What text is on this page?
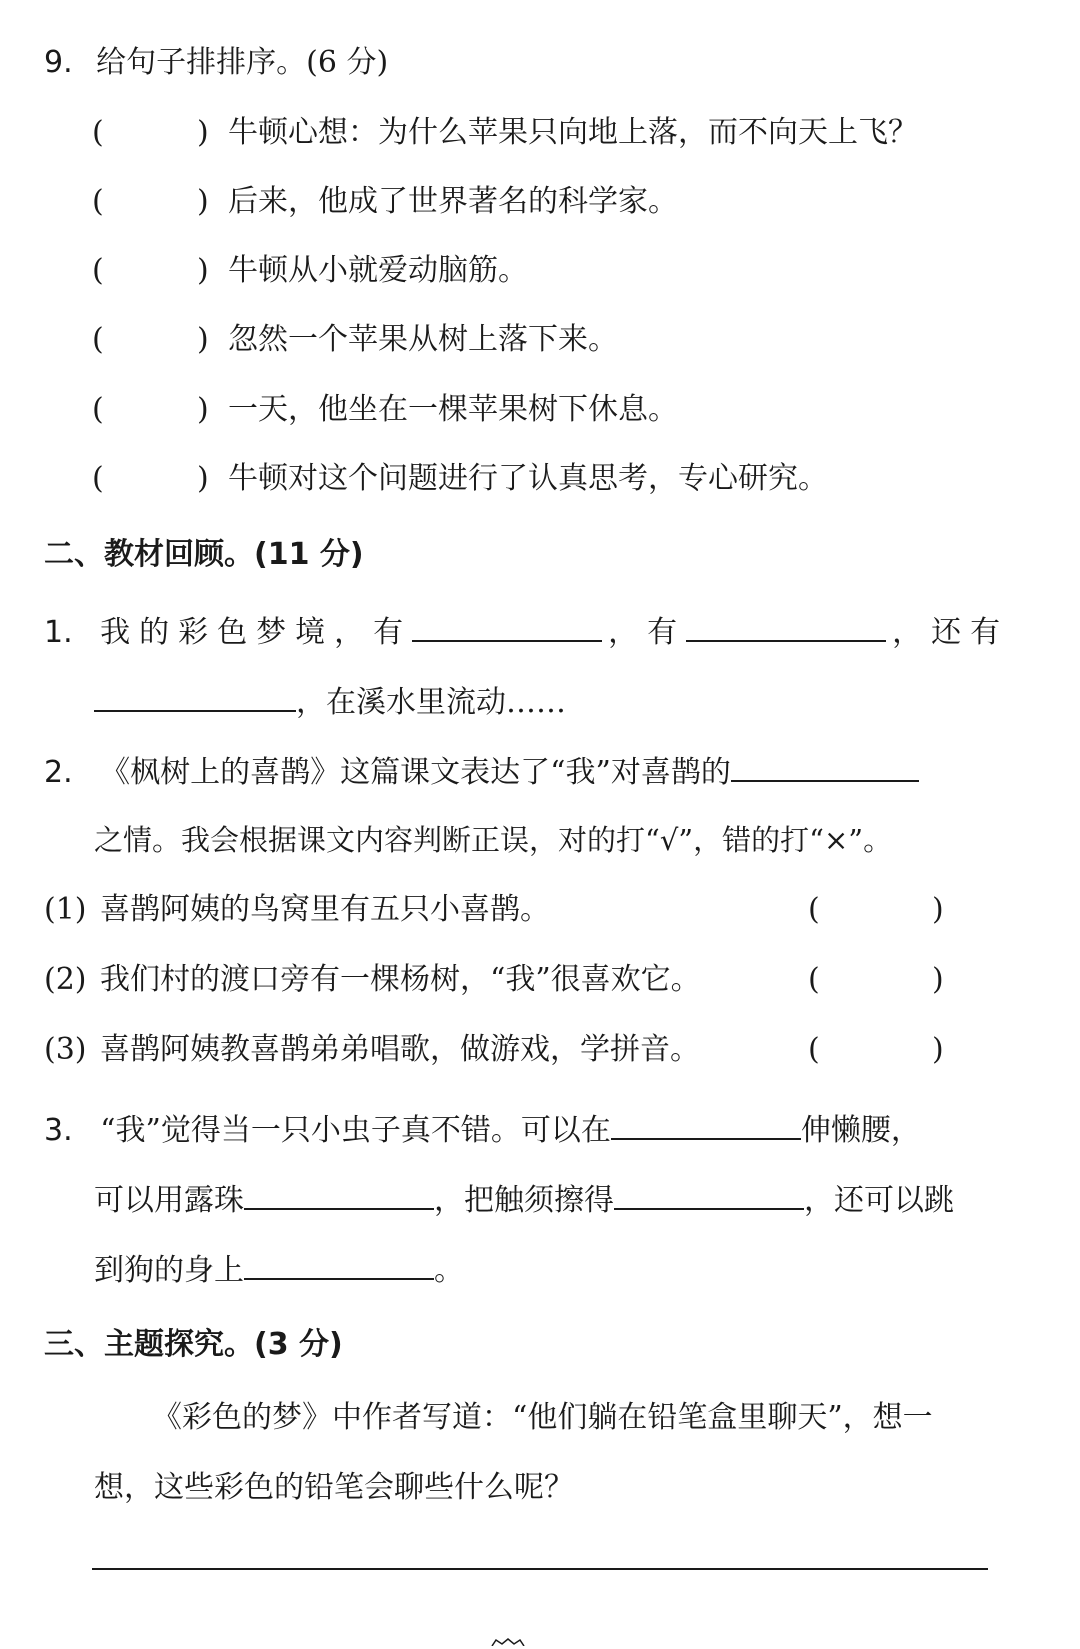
9. 给句子排排序。(6 分)
(	) 牛顿心想：为什么苹果只向地上落，而不向天上飞？
(	) 后来，他成了世界著名的科学家。
(	) 牛顿从小就爱动脑筋。
(	) 忽然一个苹果从树上落下来。
(	) 一天，他坐在一棵苹果树下休息。
(	) 牛顿对这个问题进行了认真思考，专心研究。
二、教材回顾。(11 分)
1. 我的彩色梦境，有	，有	，还有
，在溪水里流动……
2. 《枫树上的喜鹊》这篇课文表达了“我”对喜鹊的
之情。我会根据课文内容判断正误，对的打“√”，错的打“×”。
(1) 喜鹊阿姨的鸟窝里有五只小喜鹊。	(	)
(2) 我们村的渡口旁有一棵杨树，“我”很喜欢它。	(	)
(3) 喜鹊阿姨教喜鹊弟弟唱歌，做游戏，学拼音。	(	)
3. “我”觉得当一只小虫子真不错。可以在	伸懒腰，
可以用露珠	，把触须擦得	，还可以跳
到狗的身上	。
三、主题探究。(3 分)
《彩色的梦》中作者写道：“他们躺在铅笔盒里聊天”，想一
想，这些彩色的铅笔会聊些什么呢？
